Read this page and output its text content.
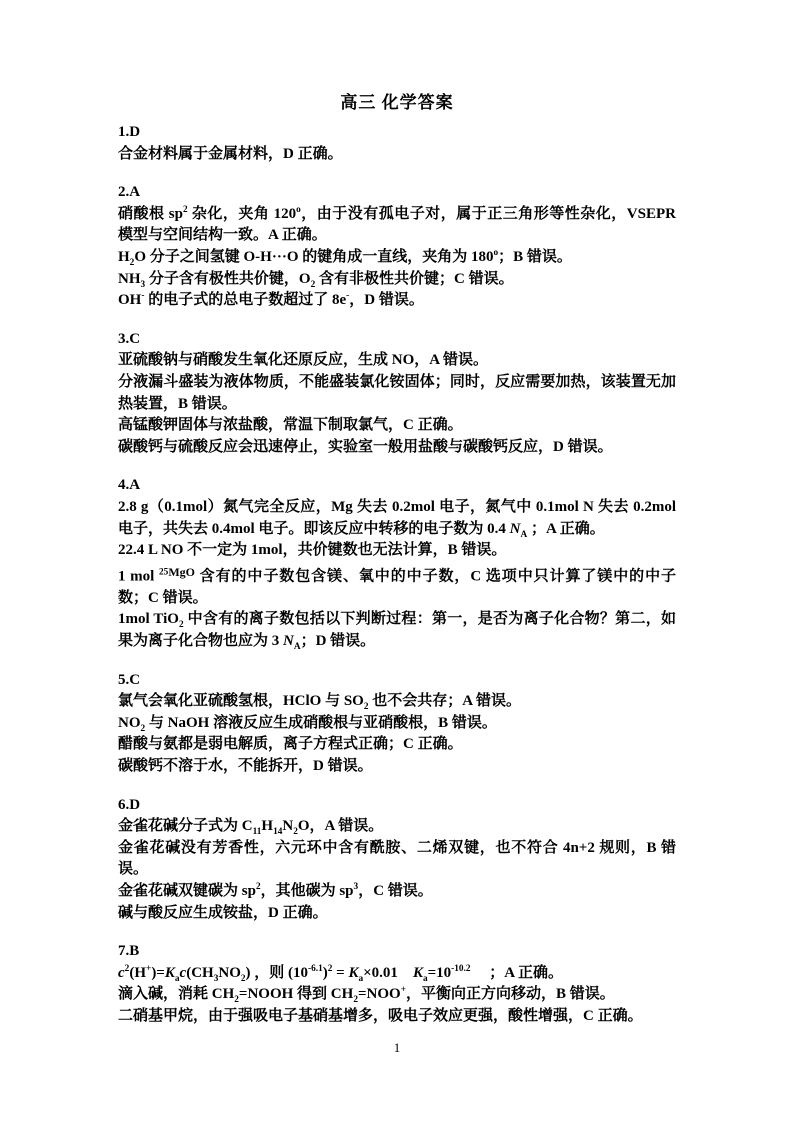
高三 化学答案
1.D

合金材料属于金属材料，D 正确。

2.A

硝酸根 $sp^2$ 杂化，夹角 120$^o$，由于没有孤电子对，属于正三角形等性杂化，VSEPR 模型与空间结构一致。A 正确。

$H_2O$ 分子之间氢键 O-H···O 的键角成一直线，夹角为 180$^o$；B 错误。

$NH_3$ 分子含有极性共价键，$O_2$ 含有非极性共价键；C 错误。

OH- 的电子式的总电子数超过了 8e-，D 错误。

3.C

亚硫酸钠与硝酸发生氧化还原反应，生成 NO，A 错误。

分液漏斗盛装为液体物质，不能盛装氯化铵固体；同时，反应需要加热，该装置无加热装置，B 错误。

高锰酸钾固体与浓盐酸，常温下制取氯气，C 正确。

碳酸钙与硫酸反应会迅速停止，实验室一般用盐酸与碳酸钙反应，D 错误。

4.A

2.8 g（0.1mol）氮气完全反应，Mg 失去 0.2mol 电子，氮气中 0.1mol N 失去 0.2mol 电子，共失去 0.4mol 电子。即该反应中转移的电子数为 0.4 $N_A$ ；A 正确。

22.4 L NO 不一定为 1mol，共价键数也无法计算，B 错误。

1 mol $^{25MgO}$ 含有的中子数包含镁、氧中的中子数，C 选项中只计算了镁中的中子数；C 错误。

1mol TiO$_2$ 中含有的离子数包括以下判断过程：第一，是否为离子化合物？第二，如果为离子化合物也应为 3 $N_A$；D 错误。

5.C

氯气会氧化亚硫酸氢根，HClO 与 $SO_2$ 也不会共存；A 错误。

$NO_2$ 与 NaOH 溶液反应生成硝酸根与亚硝酸根，B 错误。

醋酸与氨都是弱电解质，离子方程式正确；C 正确。

碳酸钙不溶于水，不能拆开，D 错误。

6.D

金雀花碱分子式为 $C_{11}H_{14}N_2O$，A 错误。

金雀花碱没有芳香性，六元环中含有酰胺、二烯双键，也不符合 4n+2 规则，B 错误。

金雀花碱双键碳为 $sp^2$，其他碳为 $sp^3$，C 错误。

碱与酸反应生成铵盐，D 正确。

7.B

$c^2(H^+)=K_ac(CH_3NO_2)$ ，则 $(10^{-6.1})^2 = K_a\times 0.01$　$K_a=10^{-10.2}$ 　；A 正确。

滴入碱，消耗 $CH_2=NOOH$ 得到 $CH_2=NOO^+$，平衡向正方向移动，B 错误。

二硝基甲烷，由于强吸电子基硝基增多，吸电子效应更强，酸性增强，C 正确。

1
